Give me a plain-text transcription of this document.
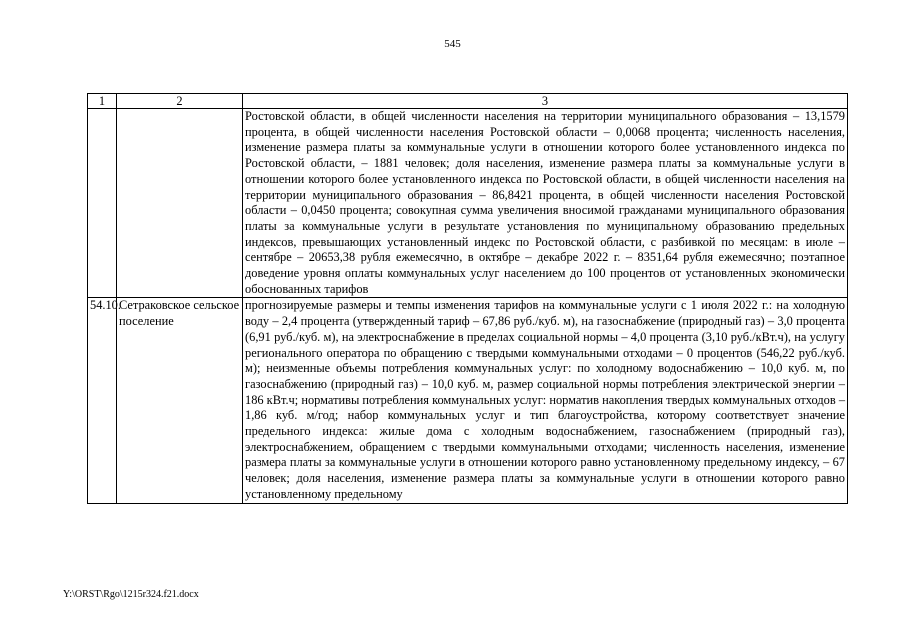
545
1	2	3
		Ростовской области, в общей численности населения на территории муниципального образования – 13,1579 процента, в общей численности населения Ростовской области – 0,0068 процента; численность населения, изменение размера платы за коммунальные услуги в отношении которого более установленного индекса по Ростовской области, – 1881 человек; доля населения, изменение размера платы за коммунальные услуги в отношении которого более установленного индекса по Ростовской области, в общей численности населения на территории муниципального образования – 86,8421 процента, в общей численности населения Ростовской области – 0,0450 процента; совокупная сумма увеличения вносимой гражданами муниципального образования платы за коммунальные услуги в результате установления по муниципальному образованию предельных индексов, превышающих установленный индекс по Ростовской области, с разбивкой по месяцам: в июле – сентябре – 20653,38 рубля ежемесячно, в октябре – декабре 2022 г. – 8351,64 рубля ежемесячно; поэтапное доведение уровня оплаты коммунальных услуг населением до 100 процентов от установленных экономически обоснованных тарифов
54.10.	Сетраковское сельское поселение	прогнозируемые размеры и темпы изменения тарифов на коммунальные услуги с 1 июля 2022 г.: на холодную воду – 2,4 процента (утвержденный тариф – 67,86 руб./куб. м), на газоснабжение (природный газ) – 3,0 процента (6,91 руб./куб. м), на электроснабжение в пределах социальной нормы – 4,0 процента (3,10 руб./кВт.ч), на услугу регионального оператора по обращению с твердыми коммунальными отходами – 0 процентов (546,22 руб./куб. м); неизменные объемы потребления коммунальных услуг: по холодному водоснабжению – 10,0 куб. м, по газоснабжению (природный газ) – 10,0 куб. м, размер социальной нормы потребления электрической энергии – 186 кВт.ч; нормативы потребления коммунальных услуг: норматив накопления твердых коммунальных отходов – 1,86 куб. м/год; набор коммунальных услуг и тип благоустройства, которому соответствует значение предельного индекса: жилые дома с холодным водоснабжением, газоснабжением (природный газ), электроснабжением, обращением с твердыми коммунальными отходами; численность населения, изменение размера платы за коммунальные услуги в отношении которого равно установленному предельному индексу, – 67 человек; доля населения, изменение размера платы за коммунальные услуги в отношении которого равно установленному предельному
Y:\ORST\Rgo\1215r324.f21.docx
